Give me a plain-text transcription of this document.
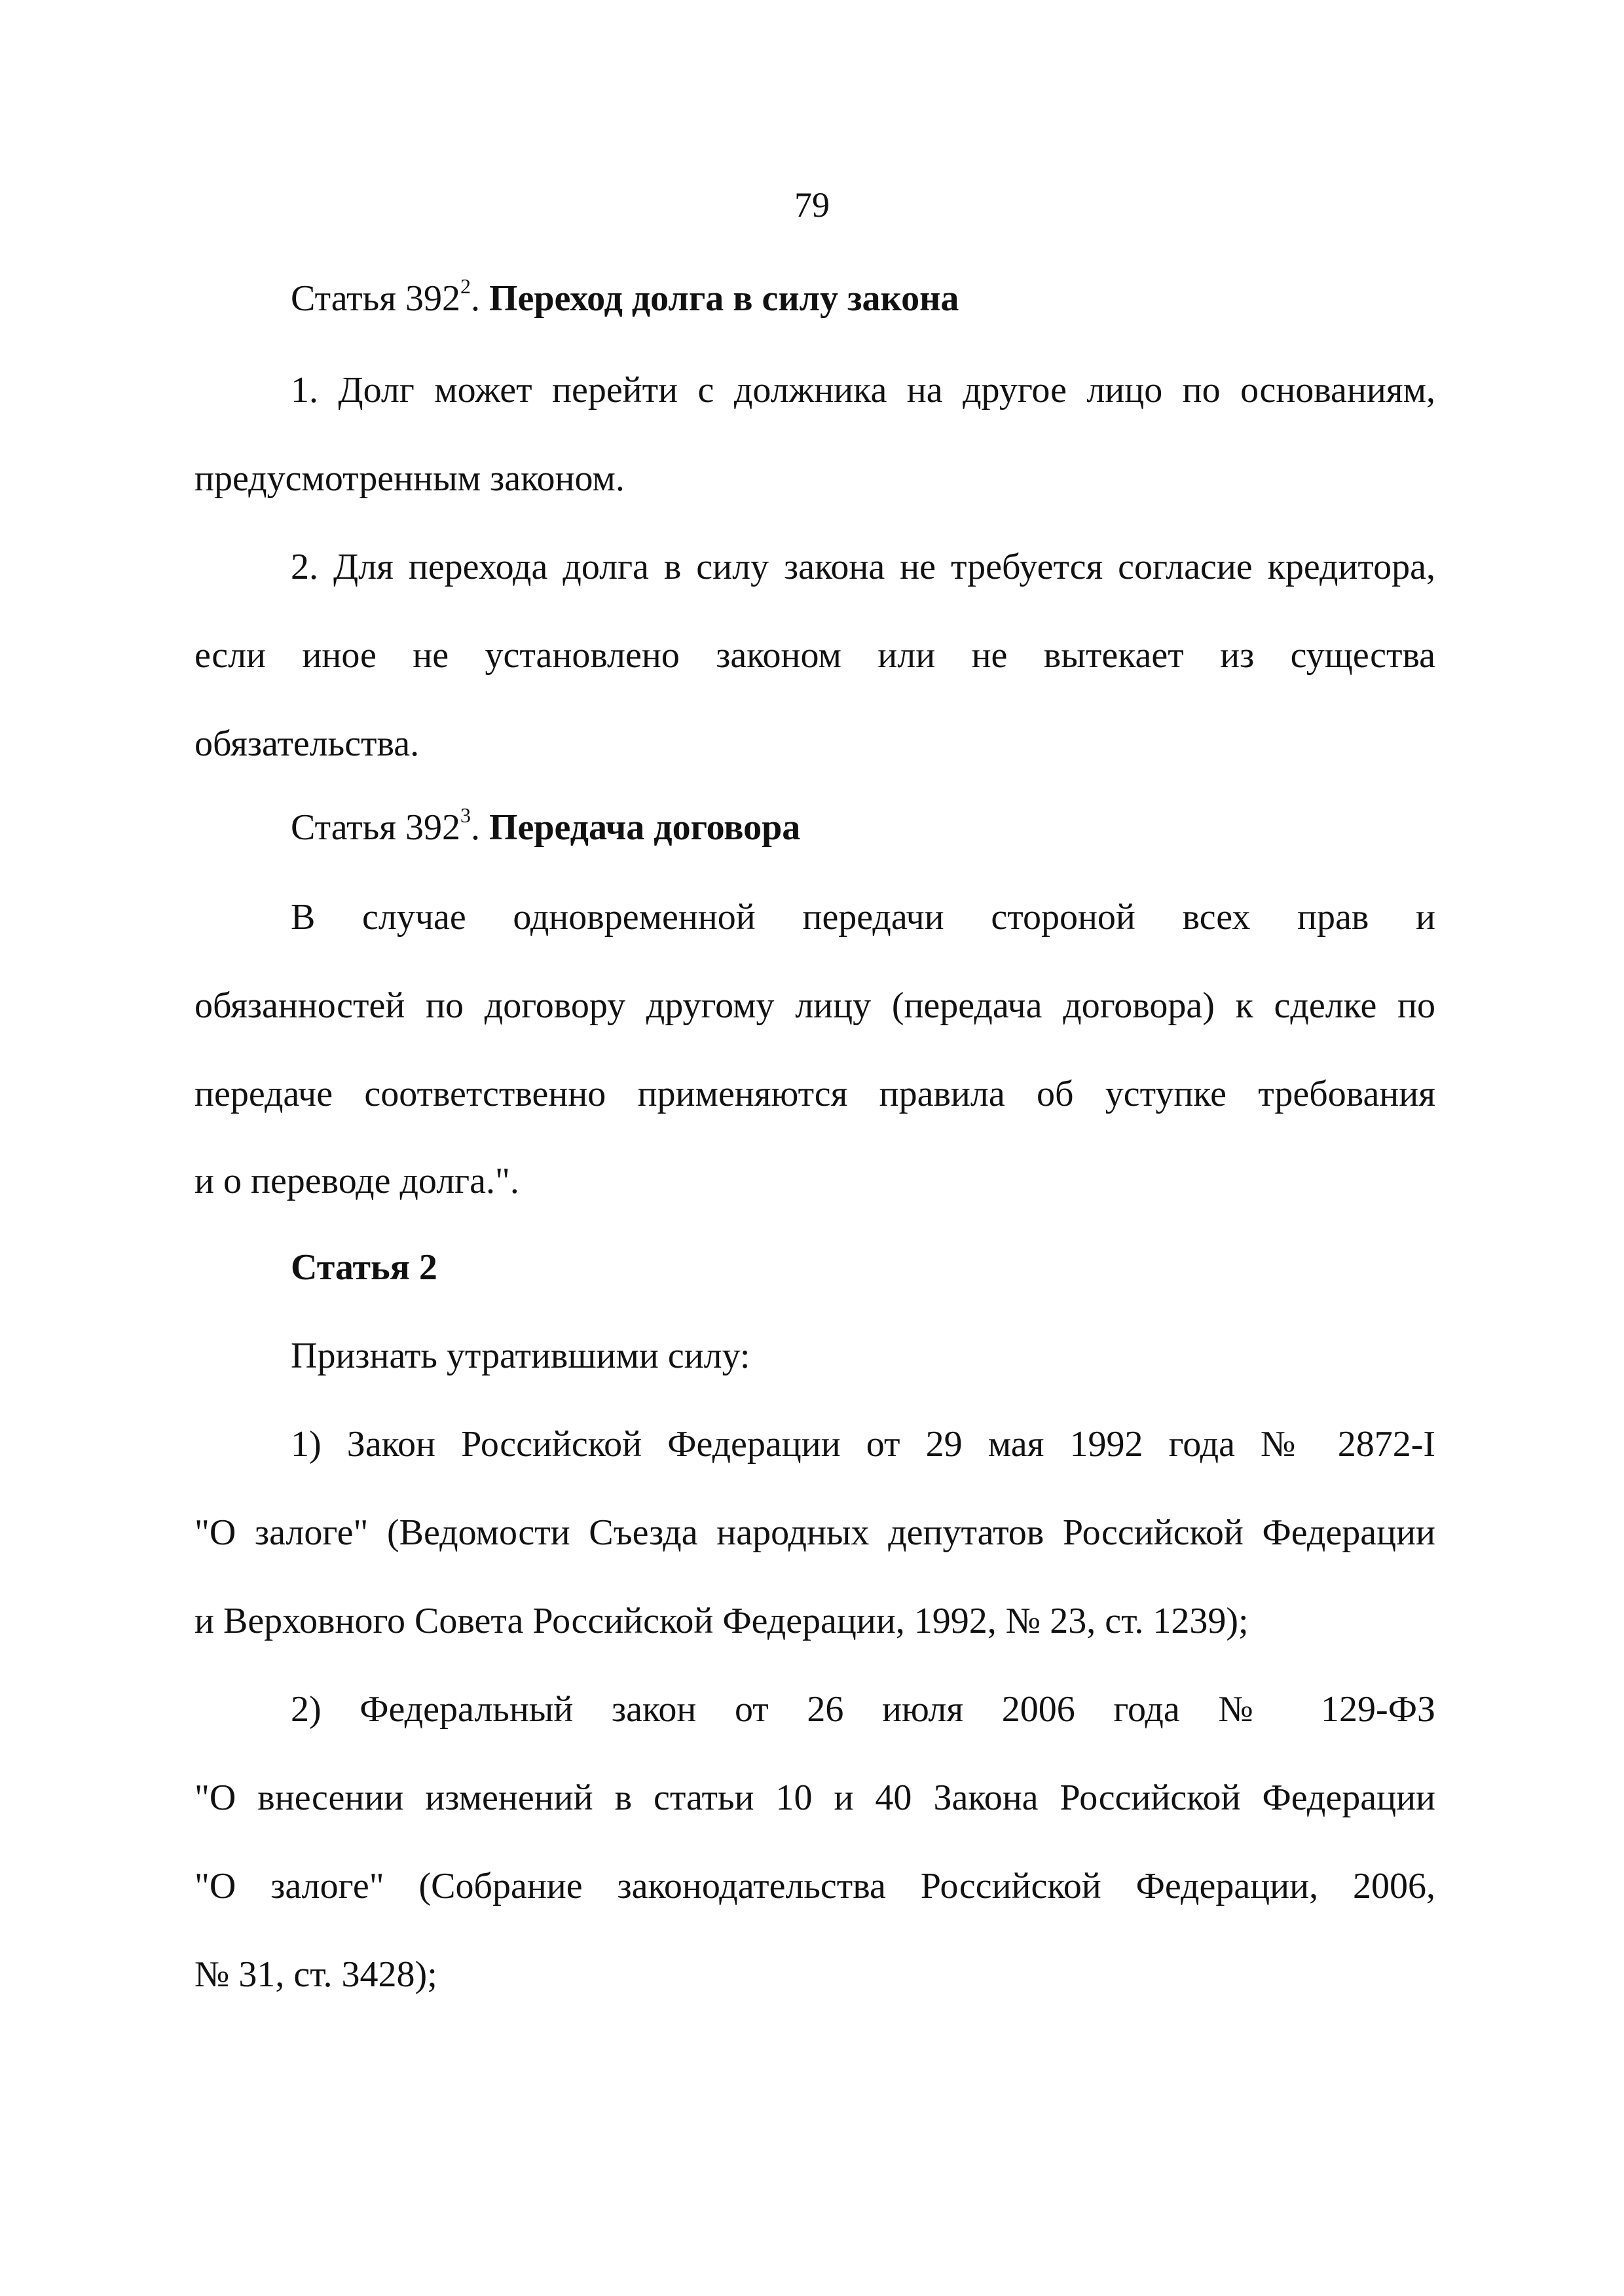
79
Статья $392^2$. Переход долга в силу закона
1. Долг может перейти с должника на другое лицо по основаниям,
предусмотренным законом.
2. Для перехода долга в силу закона не требуется согласие кредитора,
если иное не установлено законом или не вытекает из существа
обязательства.
Статья $392^3$. Передача договора
В случае одновременной передачи стороной всех прав и
обязанностей по договору другому лицу (передача договора) к сделке по
передаче соответственно применяются правила об уступке требования
и о переводе долга.".
Статья 2
Признать утратившими силу:
1) Закон Российской Федерации от 29 мая 1992 года № 2872-I
"О залоге" (Ведомости Съезда народных депутатов Российской Федерации
и Верховного Совета Российской Федерации, 1992, № 23, ст. 1239);
2) Федеральный закон от 26 июля 2006 года № 129-ФЗ
"О внесении изменений в статьи 10 и 40 Закона Российской Федерации
"О залоге" (Собрание законодательства Российской Федерации, 2006,
№ 31, ст. 3428);
